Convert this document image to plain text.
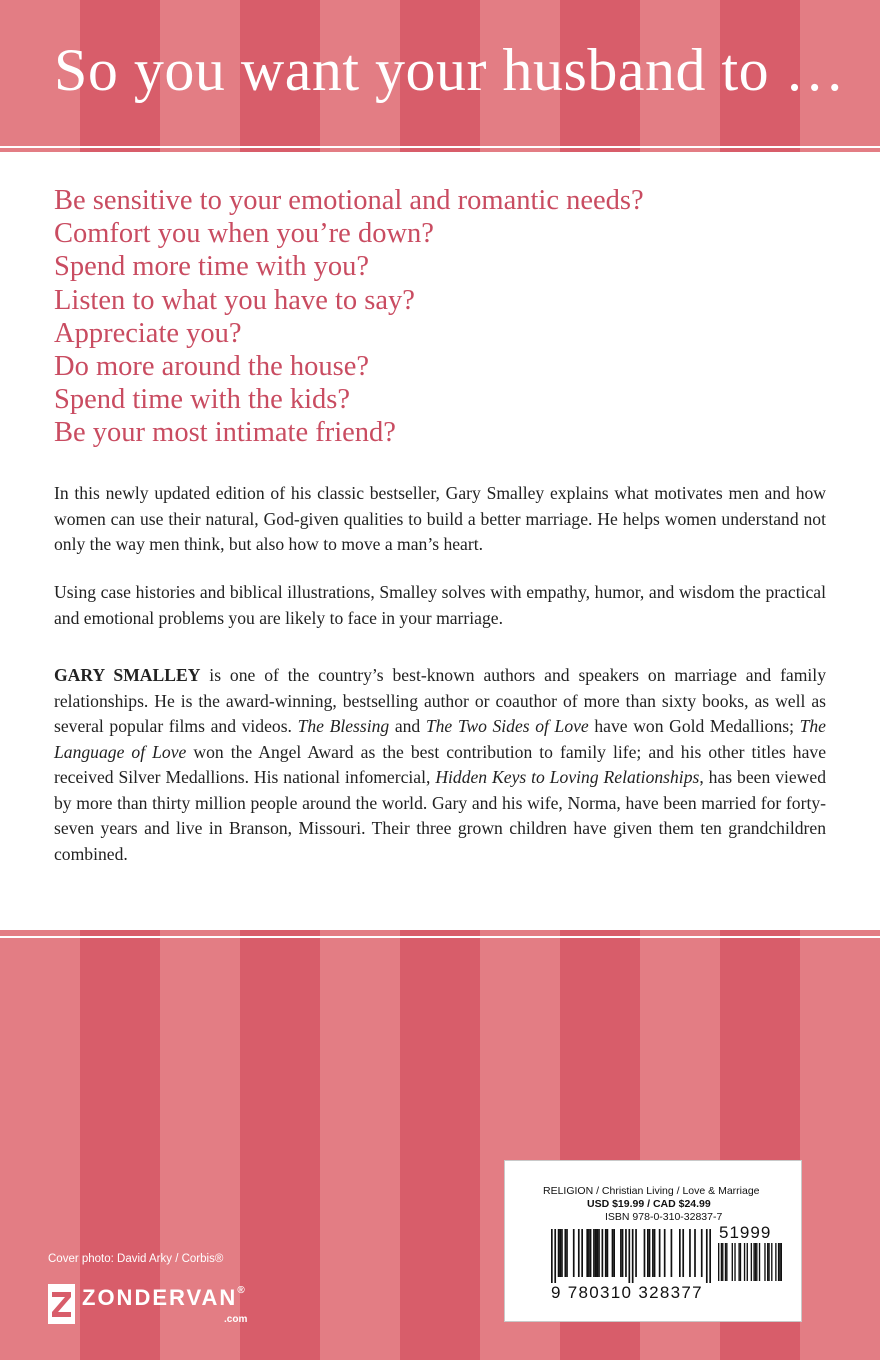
So you want your husband to …
Be sensitive to your emotional and romantic needs?
Comfort you when you’re down?
Spend more time with you?
Listen to what you have to say?
Appreciate you?
Do more around the house?
Spend time with the kids?
Be your most intimate friend?

In this newly updated edition of his classic bestseller, Gary Smalley explains what motivates men and how women can use their natural, God-given qualities to build a better marriage. He helps women understand not only the way men think, but also how to move a man’s heart.

Using case histories and biblical illustrations, Smalley solves with empathy, humor, and wisdom the practical and emotional problems you are likely to face in your marriage.

GARY SMALLEY is one of the country’s best-known authors and speakers on marriage and family relationships. He is the award-winning, bestselling author or coauthor of more than sixty books, as well as several popular films and videos. The Blessing and The Two Sides of Love have won Gold Medallions; The Language of Love won the Angel Award as the best contribution to family life; and his other titles have received Silver Medallions. His national infomercial, Hidden Keys to Loving Relationships, has been viewed by more than thirty million people around the world. Gary and his wife, Norma, have been married for forty-seven years and live in Branson, Missouri. Their three grown children have given them ten grandchildren combined.

Cover photo: David Arky / Corbis®

ZONDERVAN®

.com

RELIGION / Christian Living / Love & Marriage

USD $19.99 / CAD $24.99

ISBN 978-0-310-32837-7

51999

9 780310 328377
